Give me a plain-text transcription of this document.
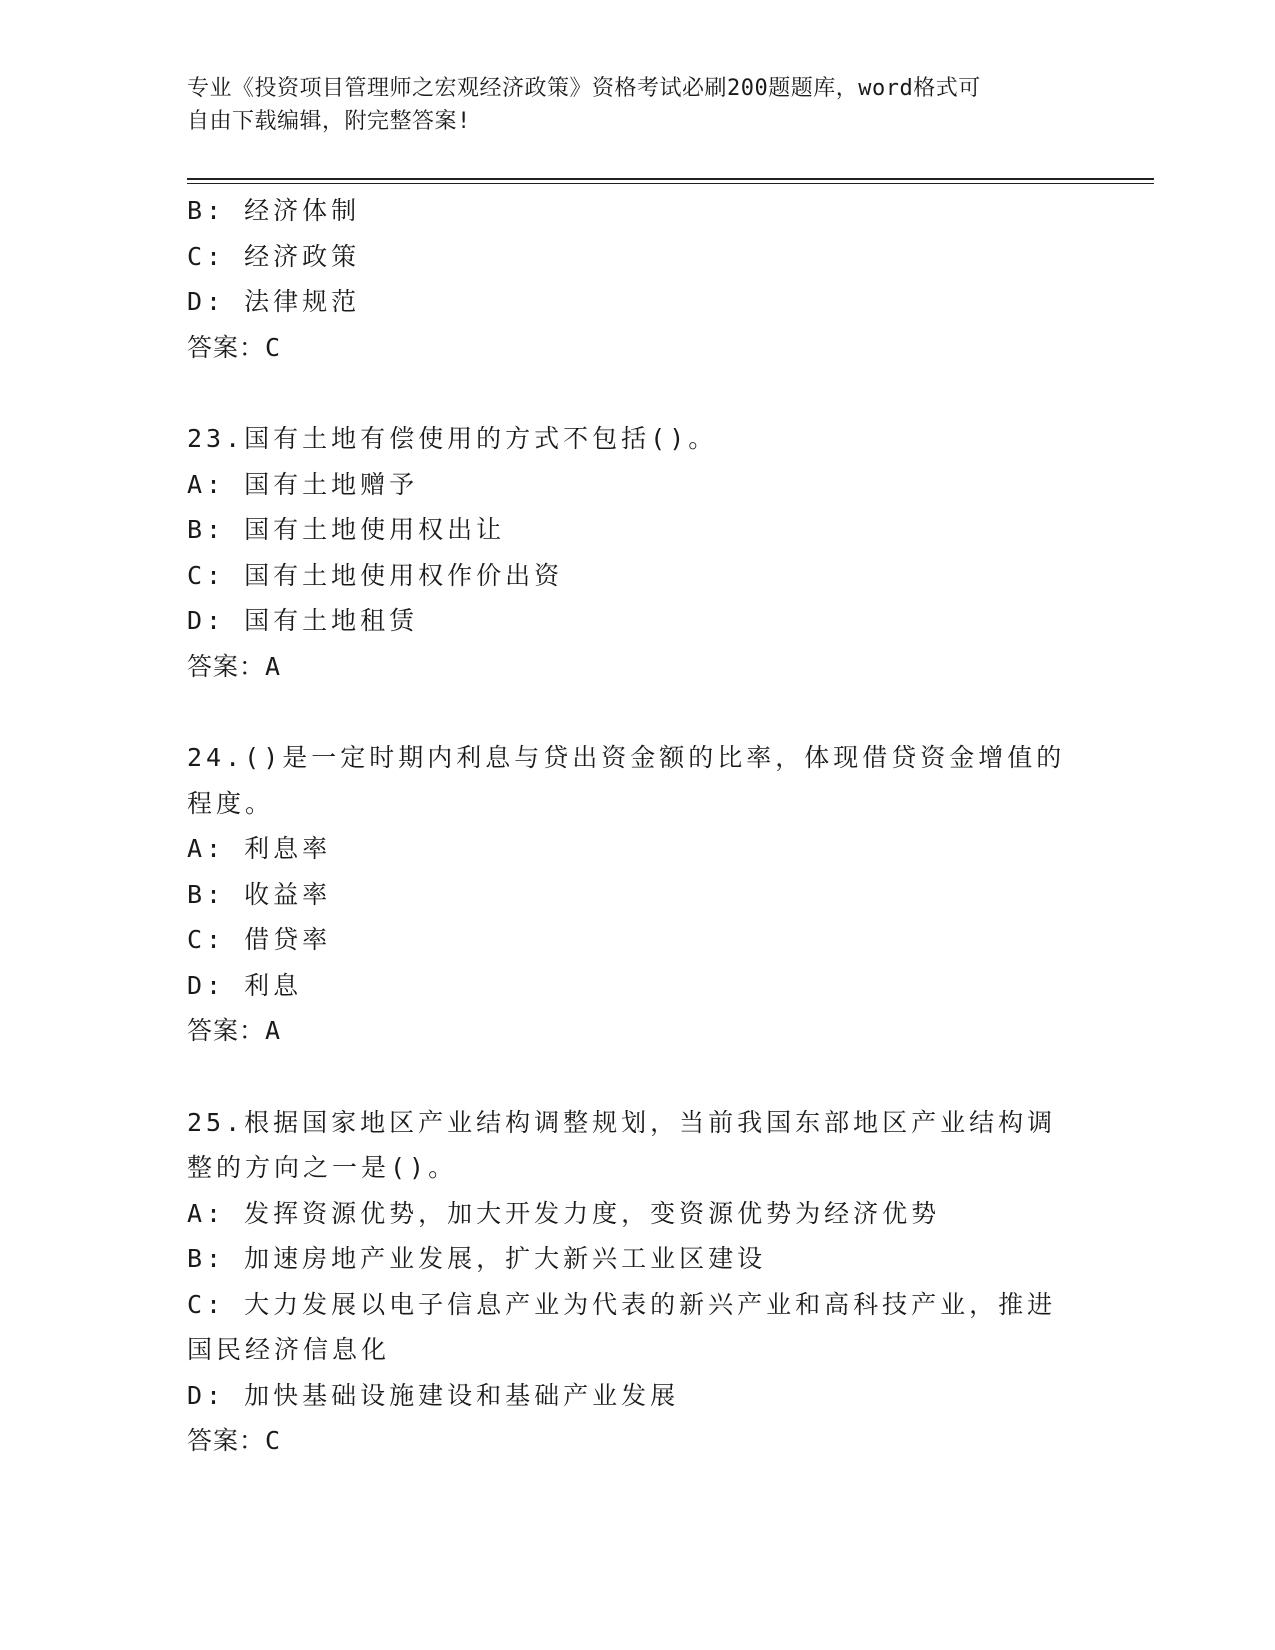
专业《投资项目管理师之宏观经济政策》资格考试必刷200题题库，word格式可
自由下载编辑，附完整答案!
B: 经济体制
C: 经济政策
D: 法律规范
答案：C
23.国有土地有偿使用的方式不包括()。
A: 国有土地赠予
B: 国有土地使用权出让
C: 国有土地使用权作价出资
D: 国有土地租赁
答案：A
24.()是一定时期内利息与贷出资金额的比率，体现借贷资金增值的程度。
A: 利息率
B: 收益率
C: 借贷率
D: 利息
答案：A
25.根据国家地区产业结构调整规划，当前我国东部地区产业结构调整的方向之一是()。
A: 发挥资源优势，加大开发力度，变资源优势为经济优势
B: 加速房地产业发展，扩大新兴工业区建设
C: 大力发展以电子信息产业为代表的新兴产业和高科技产业，推进国民经济信息化
D: 加快基础设施建设和基础产业发展
答案：C
